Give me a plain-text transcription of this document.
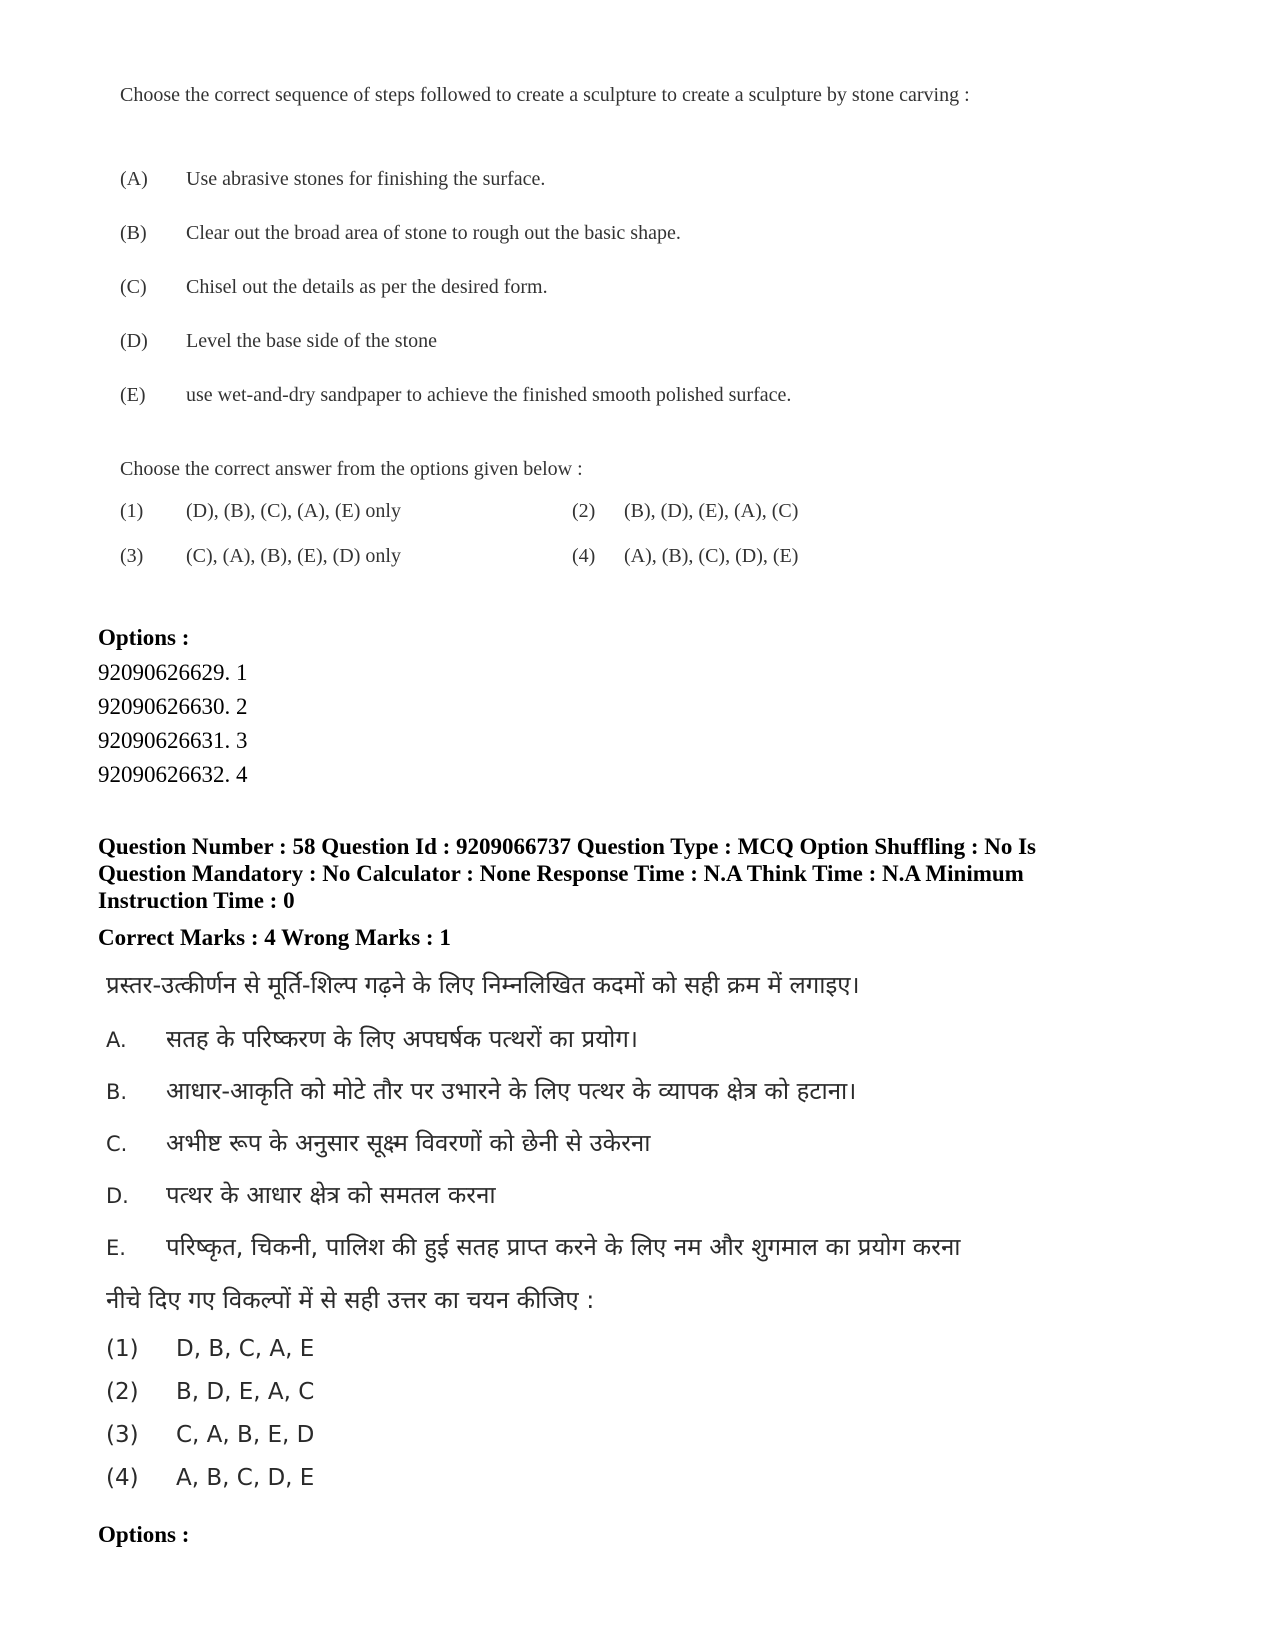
Choose the correct sequence of steps followed to create a sculpture to create a sculpture by stone carving :
(A) Use abrasive stones for finishing the surface.
(B) Clear out the broad area of stone to rough out the basic shape.
(C) Chisel out the details as per the desired form.
(D) Level the base side of the stone
(E) use wet-and-dry sandpaper to achieve the finished smooth polished surface.
Choose the correct answer from the options given below :
(1) (D), (B), (C), (A), (E) only	(2) (B), (D), (E), (A), (C)
(3) (C), (A), (B), (E), (D) only	(4) (A), (B), (C), (D), (E)
Options :
92090626629. 1
92090626630. 2
92090626631. 3
92090626632. 4
Question Number : 58 Question Id : 9209066737 Question Type : MCQ Option Shuffling : No Is
Question Mandatory : No Calculator : None Response Time : N.A Think Time : N.A Minimum
Instruction Time : 0
Correct Marks : 4 Wrong Marks : 1
प्रस्तर-उत्कीर्णन से मूर्ति-शिल्प गढ़ने के लिए निम्नलिखित कदमों को सही क्रम में लगाइए।
A. सतह के परिष्करण के लिए अपघर्षक पत्थरों का प्रयोग।
B. आधार-आकृति को मोटे तौर पर उभारने के लिए पत्थर के व्यापक क्षेत्र को हटाना।
C. अभीष्ट रूप के अनुसार सूक्ष्म विवरणों को छेनी से उकेरना
D. पत्थर के आधार क्षेत्र को समतल करना
E. परिष्कृत, चिकनी, पालिश की हुई सतह प्राप्त करने के लिए नम और शुगमाल का प्रयोग करना
नीचे दिए गए विकल्पों में से सही उत्तर का चयन कीजिए :
(1) D, B, C, A, E
(2) B, D, E, A, C
(3) C, A, B, E, D
(4) A, B, C, D, E
Options :
